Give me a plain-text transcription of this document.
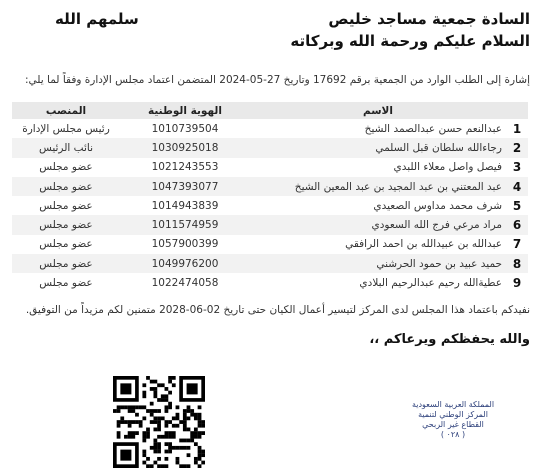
السادة جمعية مساجد خليص
السلام عليكم ورحمة الله وبركاته
سلمهم الله
إشارة إلى الطلب الوارد من الجمعية برقم 17692 وتاريخ 27-05-2024 المتضمن اعتماد مجلس الإدارة وفقاً لما يلي:
	الاسم	الهوية الوطنية	المنصب
1	عبدالنعم حسن عبدالصمد الشيخ	1010739504	رئيس مجلس الإدارة
2	رجاءالله سلطان قبل السلمي	1030925018	نائب الرئيس
3	فيصل واصل معلاء اللبدي	1021243553	عضو مجلس
4	عبد المعتني بن عبد المجيد بن عبد المعين الشيخ	1047393077	عضو مجلس
5	شرف محمد مداوس الصعيدي	1014943839	عضو مجلس
6	مراد مرعي فرج الله السعودي	1011574959	عضو مجلس
7	عبدالله بن عبيدالله بن احمد الرافقي	1057900399	عضو مجلس
8	حميد عبيد بن حمود الحرشني	1049976200	عضو مجلس
9	عطيةالله رحيم عبدالرحيم البلادي	1022474058	عضو مجلس
نفيدكم باعتماد هذا المجلس لدى المركز لتيسير أعمال الكيان حتى تاريخ 02-06-2028 متمنين لكم مزيداً من التوفيق.
والله يحفظكم ويرعاكم ،،
المملكة العربية السعودية
المركز الوطني لتنمية
القطاع غير الربحي
( ٠٢٨ )
